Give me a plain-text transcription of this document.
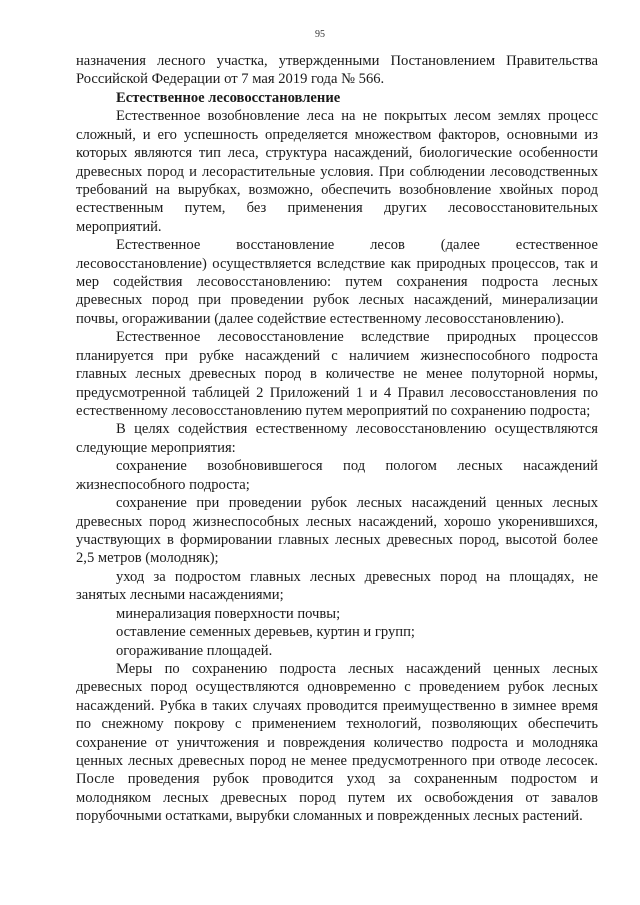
95

назначения лесного участка, утвержденными Постановлением Правительства Российской Федерации от 7 мая 2019 года № 566.

Естественное лесовосстановление

Естественное возобновление леса на не покрытых лесом землях процесс сложный, и его успешность определяется множеством факторов, основными из которых являются тип леса, структура насаждений, биологические особенности древесных пород и лесорастительные условия. При соблюдении лесоводственных требований на вырубках, возможно, обеспечить возобновление хвойных пород естественным путем, без применения других лесовосстановительных мероприятий.

Естественное восстановление лесов (далее естественное лесовосстановление) осуществляется вследствие как природных процессов, так и мер содействия лесовосстановлению: путем сохранения подроста лесных древесных пород при проведении рубок лесных насаждений, минерализации почвы, огораживании (далее содействие естественному лесовосстановлению).

Естественное лесовосстановление вследствие природных процессов планируется при рубке насаждений с наличием жизнеспособного подроста главных лесных древесных пород в количестве не менее полуторной нормы, предусмотренной таблицей 2 Приложений 1 и 4 Правил лесовосстановления по естественному лесовосстановлению путем мероприятий по сохранению подроста;

В целях содействия естественному лесовосстановлению осуществляются следующие мероприятия:

сохранение возобновившегося под пологом лесных насаждений жизнеспособного подроста;

сохранение при проведении рубок лесных насаждений ценных лесных древесных пород жизнеспособных лесных насаждений, хорошо укоренившихся, участвующих в формировании главных лесных древесных пород, высотой более 2,5 метров (молодняк);

уход за подростом главных лесных древесных пород на площадях, не занятых лесными насаждениями;

минерализация поверхности почвы;

оставление семенных деревьев, куртин и групп;

огораживание площадей.

Меры по сохранению подроста лесных насаждений ценных лесных древесных пород осуществляются одновременно с проведением рубок лесных насаждений. Рубка в таких случаях проводится преимущественно в зимнее время по снежному покрову с применением технологий, позволяющих обеспечить сохранение от уничтожения и повреждения количество подроста и молодняка ценных лесных древесных пород не менее предусмотренного при отводе лесосек. После проведения рубок проводится уход за сохраненным подростом и молодняком лесных древесных пород путем их освобождения от завалов порубочными остатками, вырубки сломанных и поврежденных лесных растений.
